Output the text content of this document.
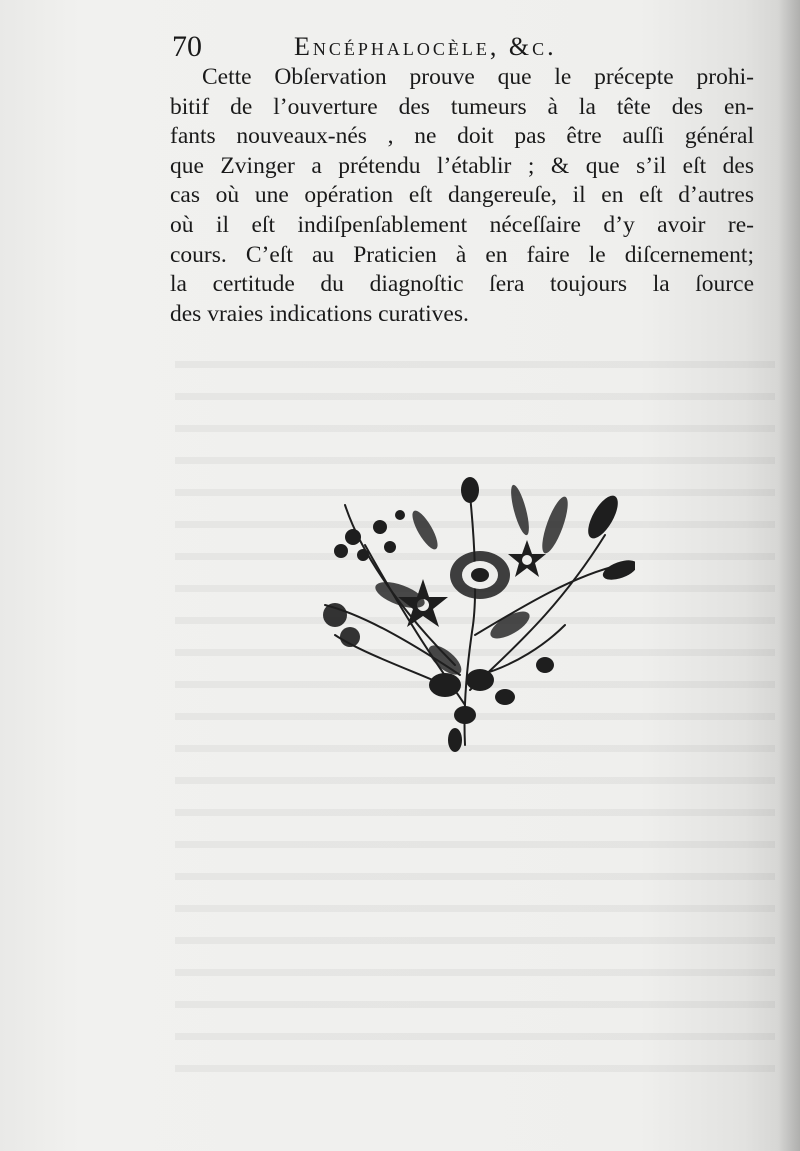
70	Encéphalocèle, &c.
Cette Obſervation prouve que le précepte prohi-
bitif de l’ouverture des tumeurs à la tête des en-
fants nouveaux-nés , ne doit pas être auſſi général
que Zvinger a prétendu l’établir ; & que s’il eſt des
cas où une opération eſt dangereuſe, il en eſt d’autres
où il eſt indiſpenſablement néceſſaire d’y avoir re-
cours. C’eſt au Praticien à en faire le diſcernement;
la certitude du diagnoſtic ſera toujours la ſource
des vraies indications curatives.
